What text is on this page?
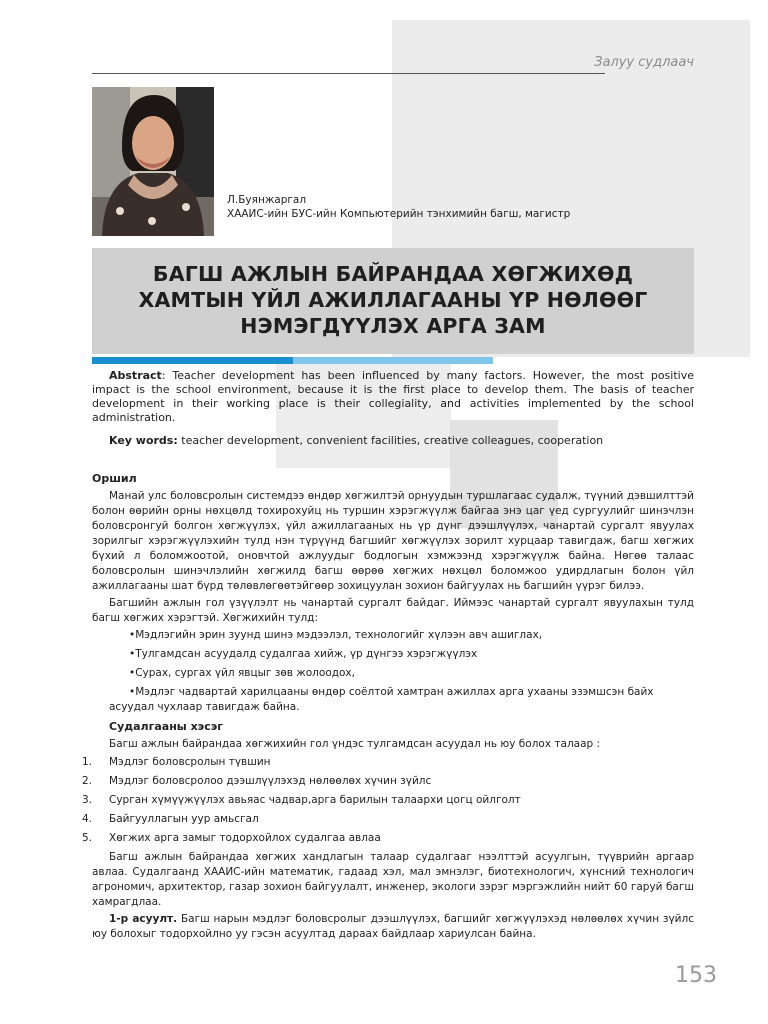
Залуу судлаач
Л.Буянжаргал
ХААИС-ийн БУС-ийн Компьютерийн тэнхимийн багш, магистр
БАГШ АЖЛЫН БАЙРАНДАА ХӨГЖИХӨД
ХАМТЫН ҮЙЛ АЖИЛЛАГААНЫ ҮР НӨЛӨӨГ
НЭМЭГДҮҮЛЭХ АРГА ЗАМ
Abstract: Teacher development has been influenced by many factors. However, the most positive impact is the school environment, because it is the first place to develop them. The basis of teacher development in their working place is their collegiality, and activities implemented by the school administration.
Key words: teacher development, convenient facilities, creative colleagues, cooperation
Оршил

Манай улс боловсролын системдээ өндөр хөгжилтэй орнуудын туршлагаас судалж, түүний дэвшилттэй болон өөрийн орны нөхцөлд тохирохуйц нь туршин хэрэгжүүлж байгаа энэ цаг үед сургуулийг шинэчлэн боловсронгуй болгон хөгжүүлэх, үйл ажиллагааных нь үр дүнг дээшлүүлэх, чанартай сургалт явуулах зорилгыг хэрэгжүүлэхийн тулд нэн түрүүнд багшийг хөгжүүлэх зорилт хурцаар тавигдаж, багш хөгжих бүхий л боломжоотой, оновчтой ажлуудыг бодлогын хэмжээнд хэрэгжүүлж байна. Нөгөө талаас боловсролын шинэчлэлийн хөгжилд багш өөрөө хөгжих нөхцөл боломжоо удирдлагын болон үйл ажиллагааны шат бүрд төлөвлөгөөтэйгөөр зохицуулан зохион байгуулах нь багшийн үүрэг билээ.

Багшийн ажлын гол үзүүлэлт нь чанартай сургалт байдаг. Иймээс чанартай сургалт явуулахын тулд багш хөгжих хэрэгтэй. Хөгжихийн тулд:

•Мэдлэгийн эрин зуунд шинэ мэдээлэл, технологийг хүлээн авч ашиглах,
•Тулгамдсан асуудалд судалгаа хийж, үр дүнгээ хэрэгжүүлэх
•Сурах, сургах үйл явцыг зөв жолоодох,
•Мэдлэг чадвартай харилцааны өндөр соёлтой хамтран ажиллах арга ухааны эзэмшсэн байх асуудал чухлаар тавигдаж байна.
Судалгааны хэсэг

Багш ажлын байрандаа хөгжихийн гол үндэс тулгамдсан асуудал нь юу болох талаар :

1.	Мэдлэг боловсролын түвшин
2.	Мэдлэг боловсролоо дээшлүүлэхэд нөлөөлөх хүчин зүйлс
3.	Сурган хүмүүжүүлэх авьяас чадвар,арга барилын талаархи цогц ойлголт
4.	Байгууллагын уур амьсгал
5.	Хөгжих арга замыг тодорхойлох судалгаа авлаа

Багш ажлын байрандаа хөгжих хандлагын талаар судалгааг нээлттэй асуулгын, түүврийн аргаар авлаа. Судалгаанд ХААИС-ийн математик, гадаад хэл, мал эмнэлэг, биотехнологич, хүнсний технологич агрономич, архитектор, газар зохион байгуулалт, инженер, экологи зэрэг мэргэжлийн нийт 60 гаруй багш хамрагдлаа.

1-р асуулт. Багш нарын мэдлэг боловсролыг дээшлүүлэх, багшийг хөгжүүлэхэд нөлөөлөх хүчин зүйлс юу болохыг тодорхойлно уу гэсэн асуултад дараах байдлаар хариулсан байна.

153
